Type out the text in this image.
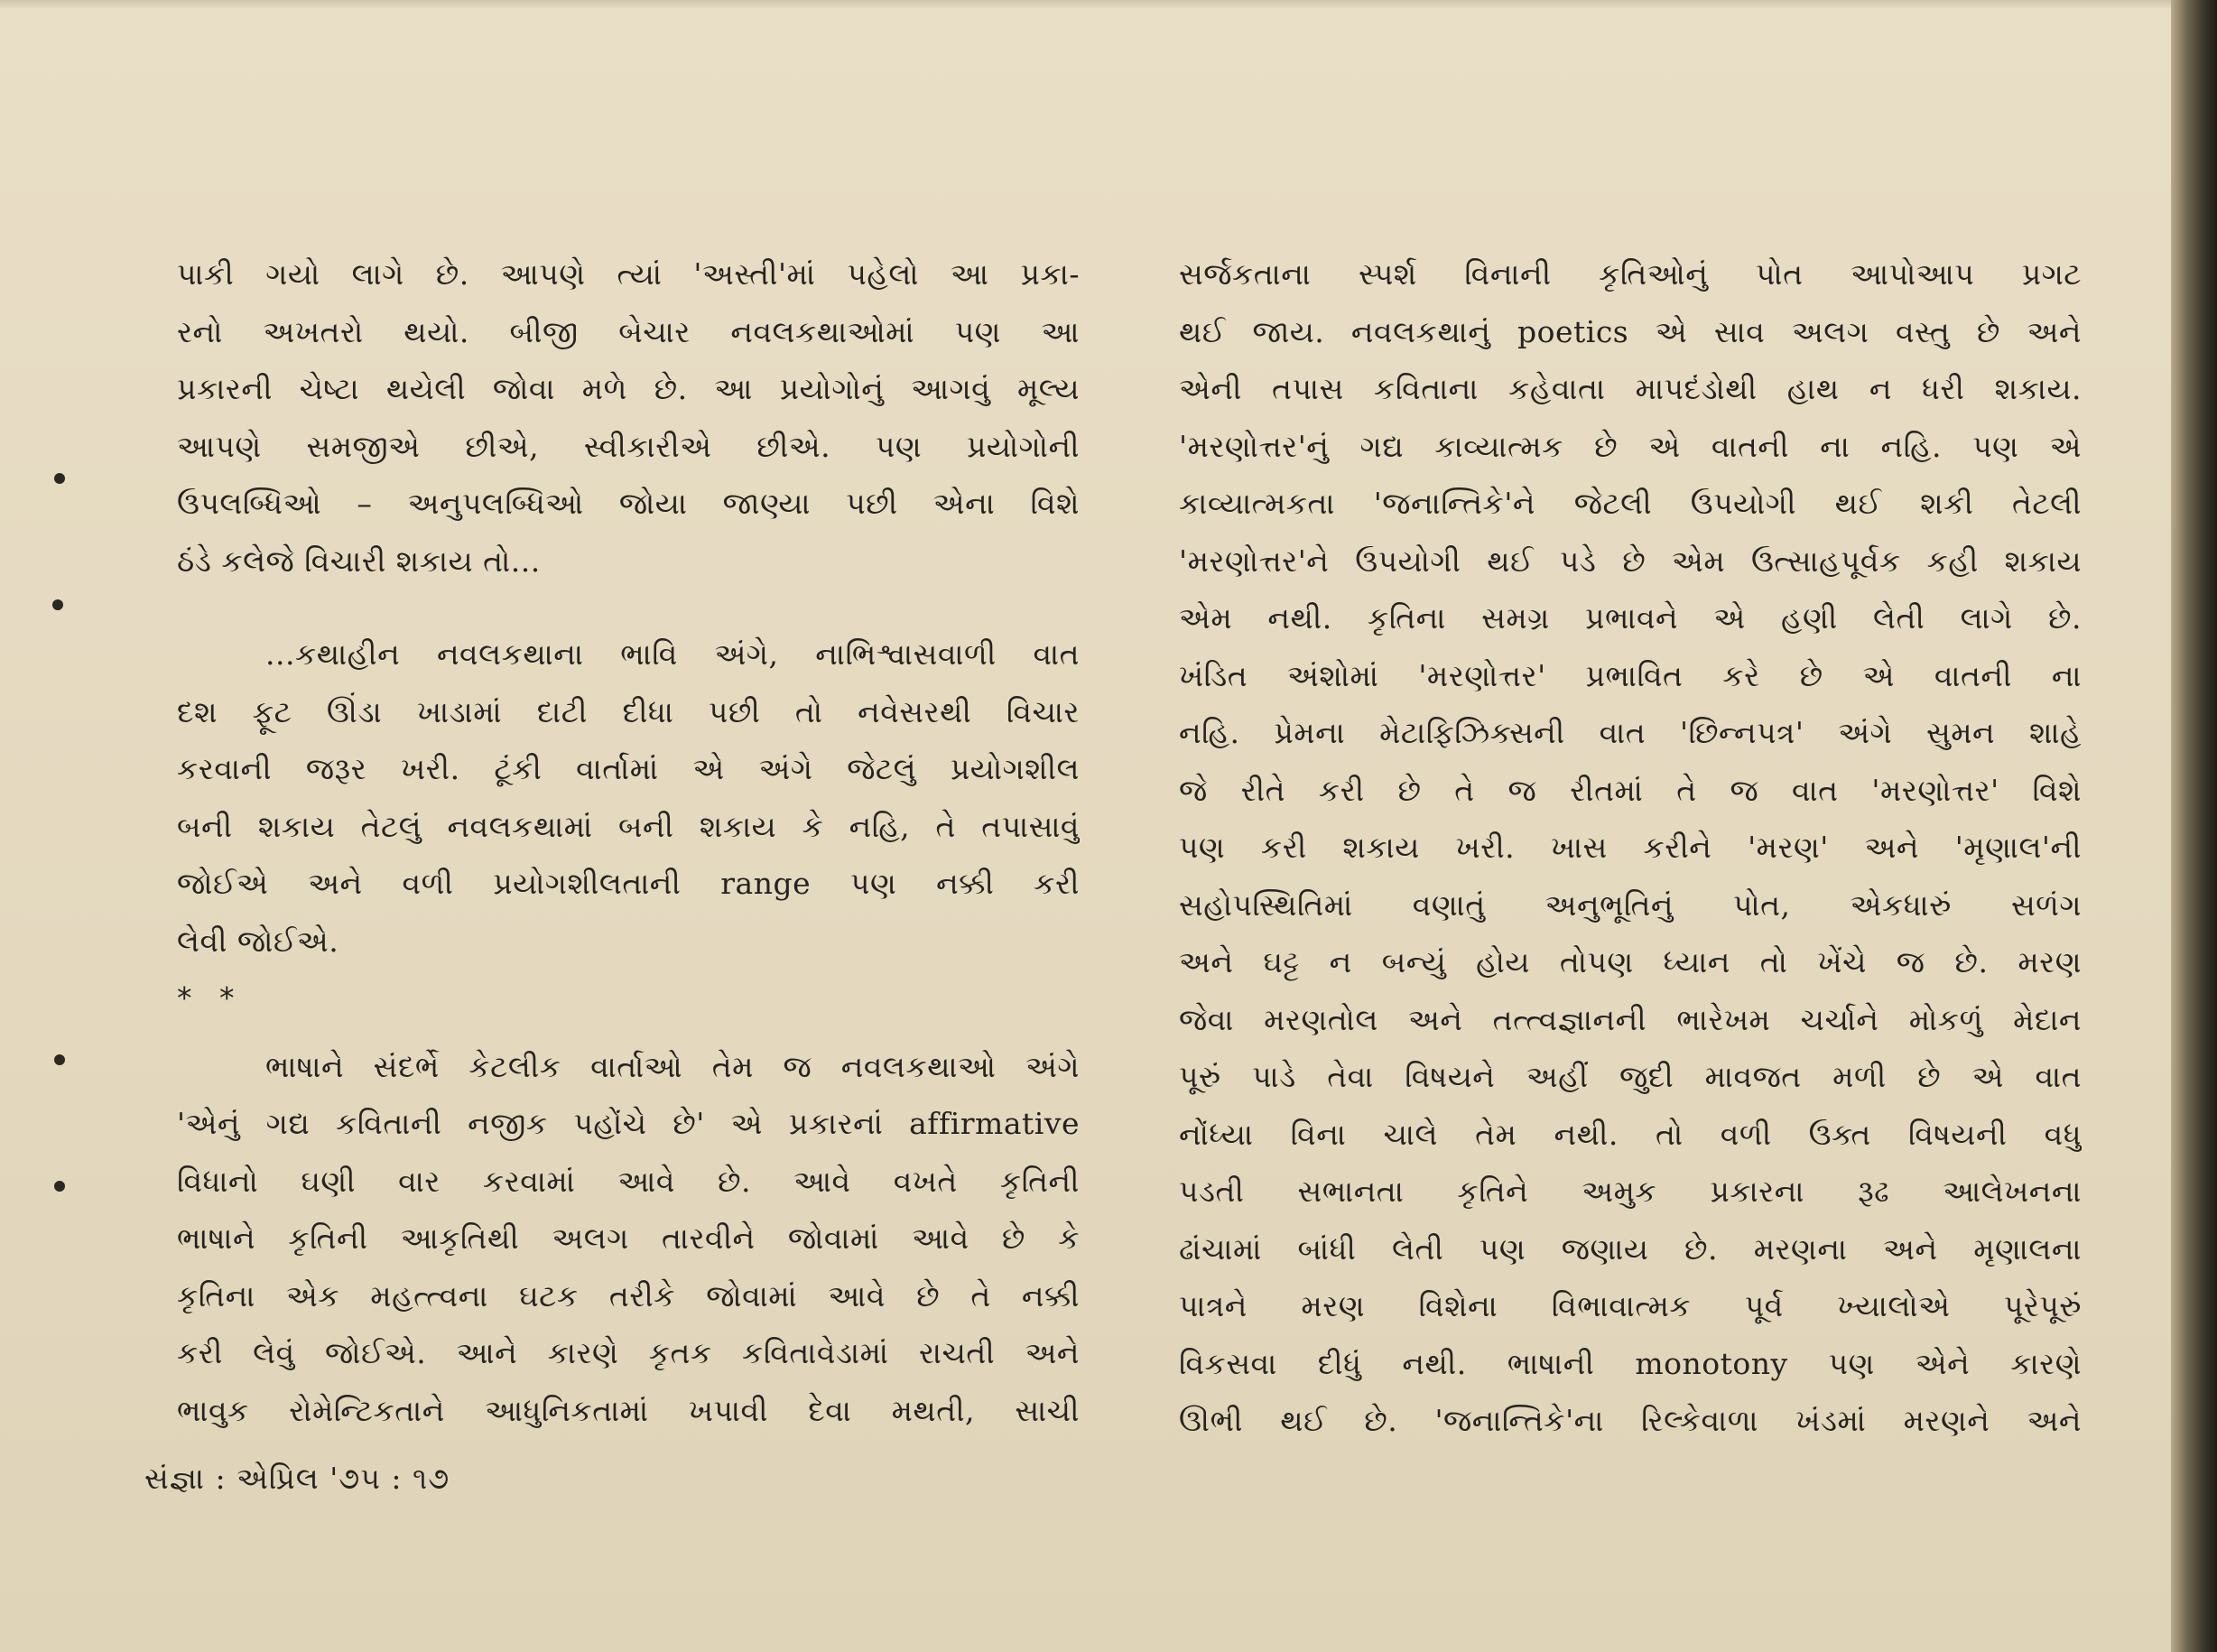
પાકી ગયો લાગે છે. આપણે ત્યાં 'અસ્તી'માં પહેલો આ પ્રકા-
રનો અખતરો થયો. બીજી બેચાર નવલકથાઓમાં પણ આ
પ્રકારની ચેષ્ટા થયેલી જોવા મળે છે. આ પ્રયોગોનું આગવું મૂલ્ય
આપણે સમજીએ છીએ, સ્વીકારીએ છીએ. પણ પ્રયોગોની
ઉપલબ્ધિઓ – અનુપલબ્ધિઓ જોયા જાણ્યા પછી એના વિશે
ઠંડે કલેજે વિચારી શકાય તો...
...કથાહીન નવલકથાના ભાવિ અંગે, નાભિશ્વાસવાળી વાત
દશ ફૂટ ઊંડા ખાડામાં દાટી દીધા પછી તો નવેસરથી વિચાર
કરવાની જરૂર ખરી. ટૂંકી વાર્તામાં એ અંગે જેટલું પ્રયોગશીલ
બની શકાય તેટલું નવલકથામાં બની શકાય કે નહિ, તે તપાસાવું
જોઈએ અને વળી પ્રયોગશીલતાની range પણ નક્કી કરી
લેવી જોઈએ.
* *
ભાષાને સંદર્ભે કેટલીક વાર્તાઓ તેમ જ નવલકથાઓ અંગે
'એનું ગદ્ય કવિતાની નજીક પહોંચે છે' એ પ્રકારનાં affirmative
વિધાનો ઘણી વાર કરવામાં આવે છે. આવે વખતે કૃતિની
ભાષાને કૃતિની આકૃતિથી અલગ તારવીને જોવામાં આવે છે કે
કૃતિના એક મહત્ત્વના ઘટક તરીકે જોવામાં આવે છે તે નક્કી
કરી લેવું જોઈએ. આને કારણે કૃતક કવિતાવેડામાં રાચતી અને
ભાવુક રોમેન્ટિકતાને આધુનિકતામાં ખપાવી દેવા મથતી, સાચી
સર્જકતાના સ્પર્શ વિનાની કૃતિઓનું પોત આપોઆપ પ્રગટ
થઈ જાય. નવલકથાનું poetics એ સાવ અલગ વસ્તુ છે અને
એની તપાસ કવિતાના કહેવાતા માપદંડોથી હાથ ન ધરી શકાય.
'મરણોત્તર'નું ગદ્ય કાવ્યાત્મક છે એ વાતની ના નહિ. પણ એ
કાવ્યાત્મકતા 'જનાન્તિકે'ને જેટલી ઉપયોગી થઈ શકી તેટલી
'મરણોત્તર'ને ઉપયોગી થઈ પડે છે એમ ઉત્સાહપૂર્વક કહી શકાય
એમ નથી. કૃતિના સમગ્ર પ્રભાવને એ હણી લેતી લાગે છે.
ખંડિત અંશોમાં 'મરણોત્તર' પ્રભાવિત કરે છે એ વાતની ના
નહિ. પ્રેમના મેટાફિઝિક્સની વાત 'છિન્નપત્ર' અંગે સુમન શાહે
જે રીતે કરી છે તે જ રીતમાં તે જ વાત 'મરણોત્તર' વિશે
પણ કરી શકાય ખરી. ખાસ કરીને 'મરણ' અને 'મૃણાલ'ની
સહોપસ્થિતિમાં વણાતું અનુભૂતિનું પોત, એકધારું સળંગ
અને ઘટ્ટ ન બન્યું હોય તોપણ ધ્યાન તો ખેંચે જ છે. મરણ
જેવા મરણતોલ અને તત્ત્વજ્ઞાનની ભારેખમ ચર્ચાને મોકળું મેદાન
પૂરું પાડે તેવા વિષયને અહીં જુદી માવજત મળી છે એ વાત
નોંધ્યા વિના ચાલે તેમ નથી. તો વળી ઉક્ત વિષયની વધુ
પડતી સભાનતા કૃતિને અમુક પ્રકારના રૂઢ આલેખનના
ઢાંચામાં બાંધી લેતી પણ જણાય છે. મરણના અને મૃણાલના
પાત્રને મરણ વિશેના વિભાવાત્મક પૂર્વ ખ્યાલોએ પૂરેપૂરું
વિકસવા દીધું નથી. ભાષાની monotony પણ એને કારણે
ઊભી થઈ છે. 'જનાન્તિકે'ના રિલ્કેવાળા ખંડમાં મરણને અને
સંજ્ઞા : એપ્રિલ '૭૫ : ૧૭
